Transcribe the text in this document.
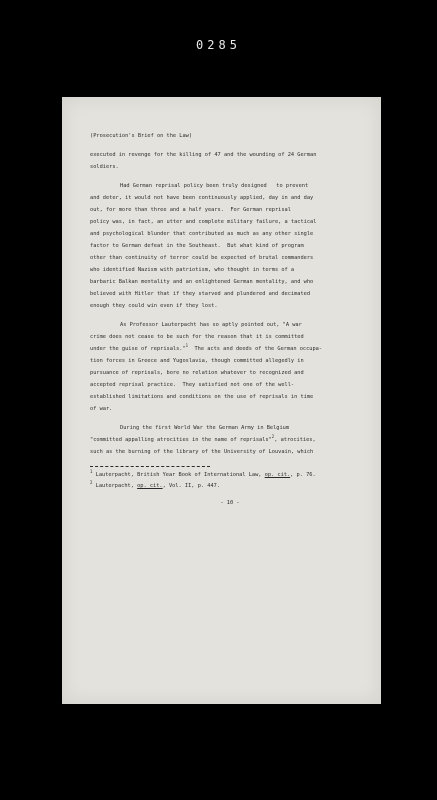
0285
(Prosecution's Brief on the Law)
executed in revenge for the killing of 47 and the wounding of 24 German
soldiers.
Had German reprisal policy been truly designed   to prevent
and deter, it would not have been continuously applied, day in and day
out, for more than three and a half years.  For German reprisal
policy was, in fact, an utter and complete military failure, a tactical
and psychological blunder that contributed as much as any other single
factor to German defeat in the Southeast.  But what kind of program
other than continuity of terror could be expected of brutal commanders
who identified Nazism with patriotism, who thought in terms of a
barbaric Balkan mentality and an enlightened German mentality, and who
believed with Hitler that if they starved and plundered and decimated
enough they could win even if they lost.
As Professor Lauterpacht has so aptly pointed out, "A war
crime does not cease to be such for the reason that it is committed
under the guise of reprisals."$^1$  The acts and deeds of the German occupa-
tion forces in Greece and Yugoslavia, though committed allegedly in
pursuance of reprisals, bore no relation whatever to recognized and
accepted reprisal practice.  They satisfied not one of the well-
established limitations and conditions on the use of reprisals in time
of war.
During the first World War the German Army in Belgium
"committed appalling atrocities in the name of reprisals"$^2$, atrocities,
such as the burning of the library of the University of Louvain, which
$^1$ Lauterpacht, British Year Book of International Law, op. cit., p. 76.
$^2$ Lauterpacht, op. cit., Vol. II, p. 447.
- 10 -
